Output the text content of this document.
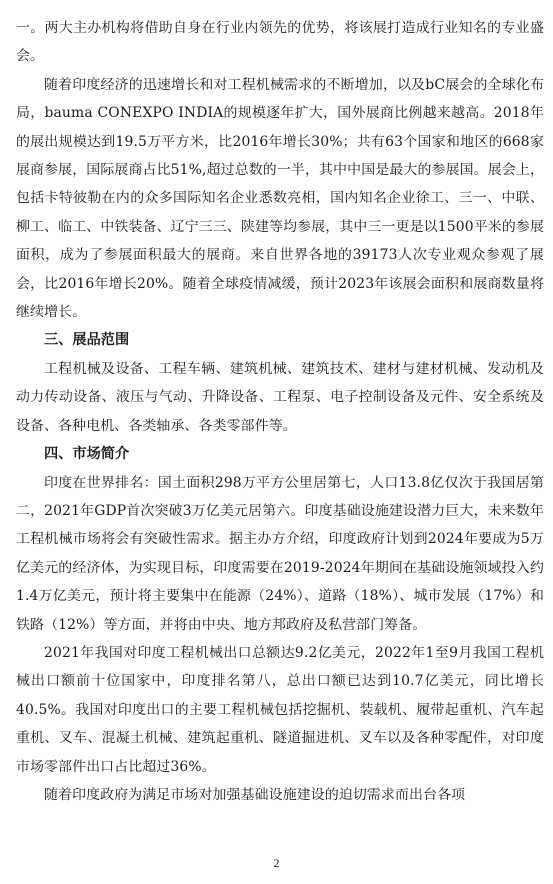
一。两大主办机构将借助自身在行业内领先的优势，将该展打造成行业知名的专业盛会。

随着印度经济的迅速增长和对工程机械需求的不断增加，以及bC展会的全球化布局，bauma CONEXPO INDIA的规模逐年扩大，国外展商比例越来越高。2018年的展出规模达到19.5万平方米，比2016年增长30%；共有63个国家和地区的668家展商参展，国际展商占比51%,超过总数的一半，其中中国是最大的参展国。展会上，包括卡特彼勒在内的众多国际知名企业悉数亮相，国内知名企业徐工、三一、中联、柳工、临工、中铁装备、辽宁三三、陕建等均参展，其中三一更是以1500平米的参展面积，成为了参展面积最大的展商。来自世界各地的39173人次专业观众参观了展会，比2016年增长20%。随着全球疫情减缓，预计2023年该展会面积和展商数量将继续增长。

三、展品范围

工程机械及设备、工程车辆、建筑机械、建筑技术、建材与建材机械、发动机及动力传动设备、液压与气动、升降设备、工程泵、电子控制设备及元件、安全系统及设备、各种电机、各类轴承、各类零部件等。

四、市场简介

印度在世界排名：国土面积298万平方公里居第七，人口13.8亿仅次于我国居第二，2021年GDP首次突破3万亿美元居第六。印度基础设施建设潜力巨大，未来数年工程机械市场将会有突破性需求。据主办方介绍，印度政府计划到2024年要成为5万亿美元的经济体，为实现目标，印度需要在2019-2024年期间在基础设施领域投入约1.4万亿美元，预计将主要集中在能源（24%）、道路（18%）、城市发展（17%）和铁路（12%）等方面，并将由中央、地方邦政府及私营部门筹备。

2021年我国对印度工程机械出口总额达9.2亿美元，2022年1至9月我国工程机械出口额前十位国家中，印度排名第八，总出口额已达到10.7亿美元，同比增长40.5%。我国对印度出口的主要工程机械包括挖掘机、装载机、履带起重机、汽车起重机、叉车、混凝土机械、建筑起重机、隧道掘进机、叉车以及各种零配件，对印度市场零部件出口占比超过36%。

随着印度政府为满足市场对加强基础设施建设的迫切需求而出台各项

2
